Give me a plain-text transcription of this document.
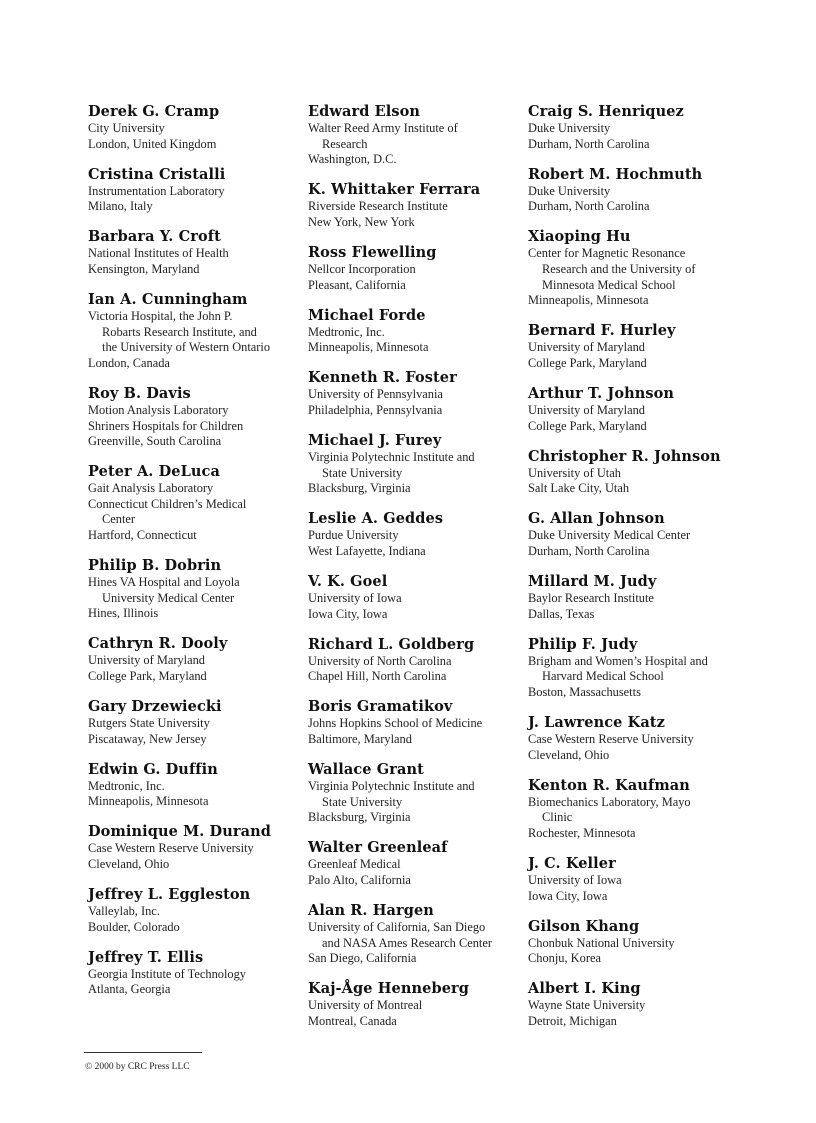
Derek G. Cramp
City University
London, United Kingdom
Cristina Cristalli
Instrumentation Laboratory
Milano, Italy
Barbara Y. Croft
National Institutes of Health
Kensington, Maryland
Ian A. Cunningham
Victoria Hospital, the John P.
Robarts Research Institute, and
the University of Western Ontario
London, Canada
Roy B. Davis
Motion Analysis Laboratory
Shriners Hospitals for Children
Greenville, South Carolina
Peter A. DeLuca
Gait Analysis Laboratory
Connecticut Children’s Medical
Center
Hartford, Connecticut
Philip B. Dobrin
Hines VA Hospital and Loyola
University Medical Center
Hines, Illinois
Cathryn R. Dooly
University of Maryland
College Park, Maryland
Gary Drzewiecki
Rutgers State University
Piscataway, New Jersey
Edwin G. Duffin
Medtronic, Inc.
Minneapolis, Minnesota
Dominique M. Durand
Case Western Reserve University
Cleveland, Ohio
Jeffrey L. Eggleston
Valleylab, Inc.
Boulder, Colorado
Jeffrey T. Ellis
Georgia Institute of Technology
Atlanta, Georgia
Edward Elson
Walter Reed Army Institute of
Research
Washington, D.C.
K. Whittaker Ferrara
Riverside Research Institute
New York, New York
Ross Flewelling
Nellcor Incorporation
Pleasant, California
Michael Forde
Medtronic, Inc.
Minneapolis, Minnesota
Kenneth R. Foster
University of Pennsylvania
Philadelphia, Pennsylvania
Michael J. Furey
Virginia Polytechnic Institute and
State University
Blacksburg, Virginia
Leslie A. Geddes
Purdue University
West Lafayette, Indiana
V. K. Goel
University of Iowa
Iowa City, Iowa
Richard L. Goldberg
University of North Carolina
Chapel Hill, North Carolina
Boris Gramatikov
Johns Hopkins School of Medicine
Baltimore, Maryland
Wallace Grant
Virginia Polytechnic Institute and
State University
Blacksburg, Virginia
Walter Greenleaf
Greenleaf Medical
Palo Alto, California
Alan R. Hargen
University of California, San Diego
and NASA Ames Research Center
San Diego, California
Kaj-Åge Henneberg
University of Montreal
Montreal, Canada
Craig S. Henriquez
Duke University
Durham, North Carolina
Robert M. Hochmuth
Duke University
Durham, North Carolina
Xiaoping Hu
Center for Magnetic Resonance
Research and the University of
Minnesota Medical School
Minneapolis, Minnesota
Bernard F. Hurley
University of Maryland
College Park, Maryland
Arthur T. Johnson
University of Maryland
College Park, Maryland
Christopher R. Johnson
University of Utah
Salt Lake City, Utah
G. Allan Johnson
Duke University Medical Center
Durham, North Carolina
Millard M. Judy
Baylor Research Institute
Dallas, Texas
Philip F. Judy
Brigham and Women’s Hospital and
Harvard Medical School
Boston, Massachusetts
J. Lawrence Katz
Case Western Reserve University
Cleveland, Ohio
Kenton R. Kaufman
Biomechanics Laboratory, Mayo
Clinic
Rochester, Minnesota
J. C. Keller
University of Iowa
Iowa City, Iowa
Gilson Khang
Chonbuk National University
Chonju, Korea
Albert I. King
Wayne State University
Detroit, Michigan
© 2000 by CRC Press LLC
